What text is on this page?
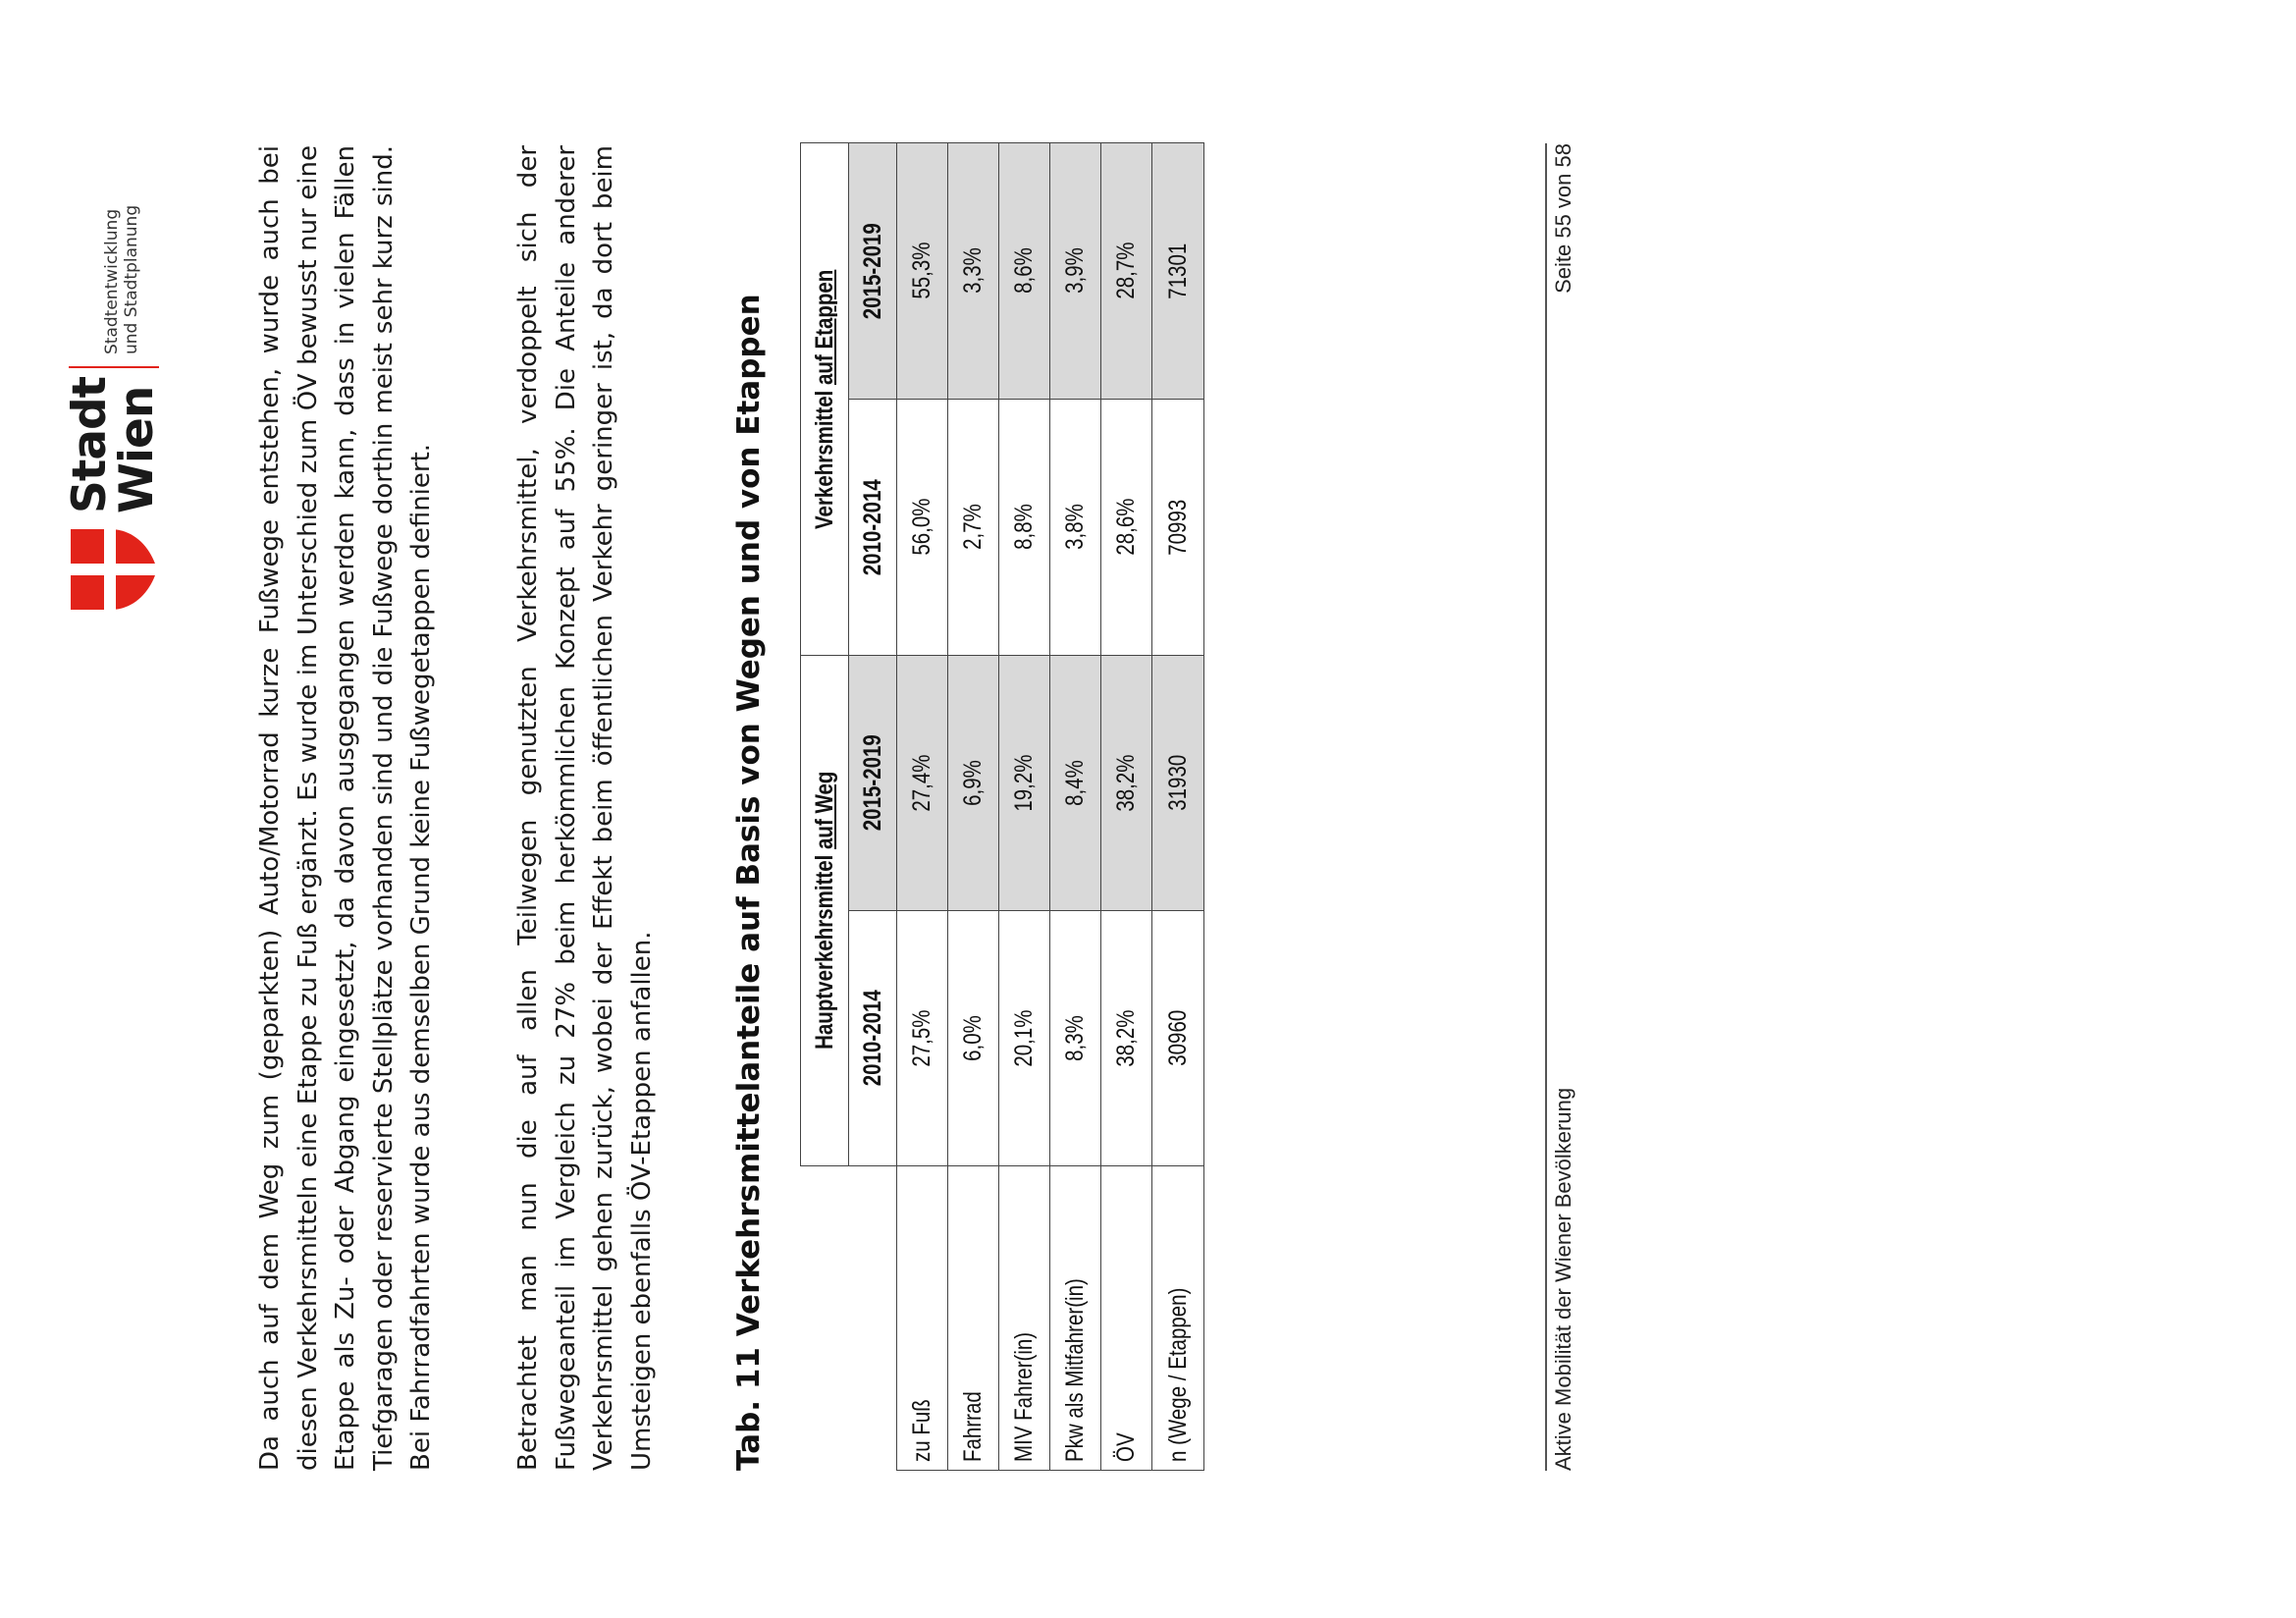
Stadt
Wien
Stadtentwicklung und Stadtplanung	Da auch auf dem Weg zum (geparkten) Auto/Motorrad kurze Fußwege entstehen, wurde auch bei diesen Verkehrsmitteln eine Etappe zu Fuß ergänzt. Es wurde im Unterschied zum ÖV bewusst nur eine Etappe als Zu- oder Abgang eingesetzt, da davon ausgegangen werden kann, dass in vielen Fällen Tiefgaragen oder reservierte Stellplätze vorhanden sind und die Fußwege dorthin meist sehr kurz sind. Bei Fahrradfahrten wurde aus demselben Grund keine Fußwegetappen definiert.	Betrachtet man nun die auf allen Teilwegen genutzten Verkehrsmittel, verdoppelt sich der Fußwegeanteil im Vergleich zu 27% beim herkömmlichen Konzept auf 55%. Die Anteile anderer Verkehrsmittel gehen zurück, wobei der Effekt beim öffentlichen Verkehr geringer ist, da dort beim Umsteigen ebenfalls ÖV-Etappen anfallen. Tab. 11 Verkehrsmittelanteile auf Basis von Wegen und von Etappen
	Hauptverkehrsmittel auf Weg		Verkehrsmittel auf Etappen	
	2010-2014	2015-2019	2010-2014	2015-2019
zu Fuß	27,5%	27,4%	56,0%	55,3%
Fahrrad	6,0%	6,9%	2,7%	3,3%
MIV Fahrer(in)	20,1%	19,2%	8,8%	8,6%
Pkw als Mitfahrer(in)	8,3%	8,4%	3,8%	3,9%
ÖV	38,2%	38,2%	28,6%	28,7%
n (Wege / Etappen)	30960	31930	70993	71301
Aktive Mobilität der Wiener Bevölkerung
Seite 55 von 58
